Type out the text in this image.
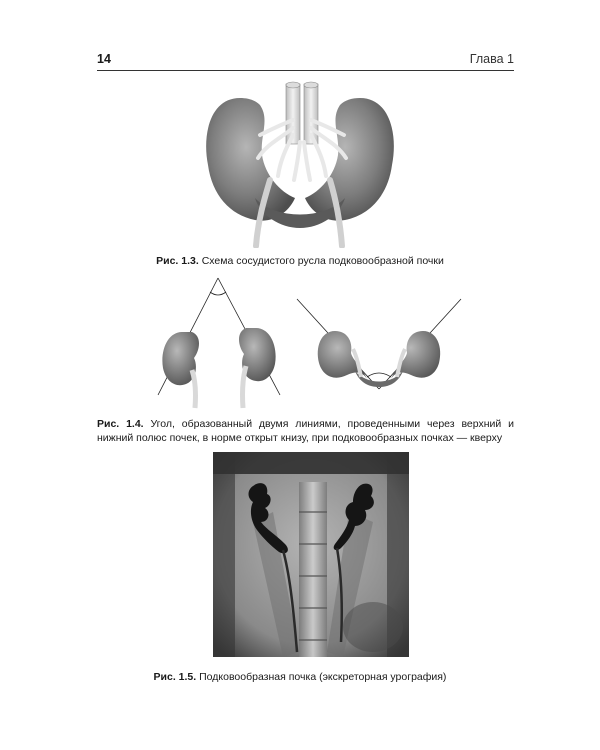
14	Глава 1
Рис. 1.3. Схема сосудистого русла подковообразной почки
Рис. 1.4. Угол, образованный двумя линиями, проведенными через верхний и нижний полюс почек, в норме открыт книзу, при подковообразных почках — кверху
Рис. 1.5. Подковообразная почка (экскреторная урография)
